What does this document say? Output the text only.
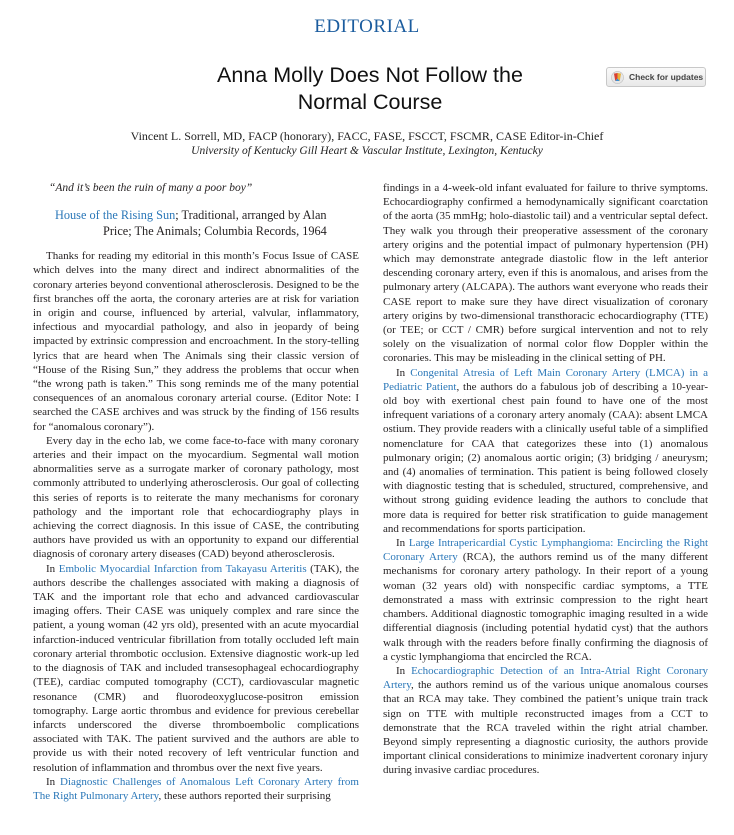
EDITORIAL
Anna Molly Does Not Follow the
Normal Course
Check for updates
Vincent L. Sorrell, MD, FACP (honorary), FACC, FASE, FSCCT, FSCMR, CASE Editor-in-Chief
University of Kentucky Gill Heart & Vascular Institute, Lexington, Kentucky
“And it’s been the ruin of many a poor boy”
House of the Rising Sun; Traditional, arranged by Alan
Price; The Animals; Columbia Records, 1964

Thanks for reading my editorial in this month’s Focus Issue of CASE which delves into the many direct and indirect abnormalities of the coronary arteries beyond conventional atherosclerosis. Designed to be the first branches off the aorta, the coronary arteries are at risk for variation in origin and course, influenced by arterial, valvular, inflammatory, infectious and myocardial pathology, and also in jeopardy of being impacted by extrinsic compression and encroachment. In the story-telling lyrics that are heard when The Animals sing their classic version of “House of the Rising Sun,” they address the problems that occur when “the wrong path is taken.” This song reminds me of the many potential consequences of an anomalous coronary arterial course. (Editor Note: I searched the CASE archives and was struck by the finding of 156 results for “anomalous coronary”).

Every day in the echo lab, we come face-to-face with many coronary arteries and their impact on the myocardium. Segmental wall motion abnormalities serve as a surrogate marker of coronary pathology, most commonly attributed to underlying atherosclerosis. Our goal of collecting this series of reports is to reiterate the many mechanisms for coronary pathology and the important role that echocardiography plays in achieving the correct diagnosis. In this issue of CASE, the contributing authors have provided us with an opportunity to expand our differential diagnosis of coronary artery diseases (CAD) beyond atherosclerosis.

In Embolic Myocardial Infarction from Takayasu Arteritis (TAK), the authors describe the challenges associated with making a diagnosis of TAK and the important role that echo and advanced cardiovascular imaging offers. Their CASE was uniquely complex and rare since the patient, a young woman (42 yrs old), presented with an acute myocardial infarction-induced ventricular fibrillation from totally occluded left main coronary arterial thrombotic occlusion. Extensive diagnostic work-up led to the diagnosis of TAK and included transesophageal echocardiography (TEE), cardiac computed tomography (CCT), cardiovascular magnetic resonance (CMR) and fluorodeoxyglucose-positron emission tomography. Large aortic thrombus and evidence for previous cerebellar infarcts underscored the diverse thromboembolic complications associated with TAK. The patient survived and the authors are able to provide us with their noted recovery of left ventricular function and resolution of inflammation and thrombus over the next five years.

In Diagnostic Challenges of Anomalous Left Coronary Artery from The Right Pulmonary Artery, these authors reported their surprising

findings in a 4-week-old infant evaluated for failure to thrive symptoms. Echocardiography confirmed a hemodynamically significant coarctation of the aorta (35 mmHg; holo-diastolic tail) and a ventricular septal defect. They walk you through their preoperative assessment of the coronary artery origins and the potential impact of pulmonary hypertension (PH) which may demonstrate antegrade diastolic flow in the left anterior descending coronary artery, even if this is anomalous, and arises from the pulmonary artery (ALCAPA). The authors want everyone who reads their CASE report to make sure they have direct visualization of coronary artery origins by two-dimensional transthoracic echocardiography (TTE) (or TEE; or CCT / CMR) before surgical intervention and not to rely solely on the visualization of normal color flow Doppler within the coronaries. This may be misleading in the clinical setting of PH.

In Congenital Atresia of Left Main Coronary Artery (LMCA) in a Pediatric Patient, the authors do a fabulous job of describing a 10-year-old boy with exertional chest pain found to have one of the most infrequent variations of a coronary artery anomaly (CAA): absent LMCA ostium. They provide readers with a clinically useful table of a simplified nomenclature for CAA that categorizes these into (1) anomalous pulmonary origin; (2) anomalous aortic origin; (3) bridging / aneurysm; and (4) anomalies of termination. This patient is being followed closely with diagnostic testing that is scheduled, structured, comprehensive, and without strong guiding evidence leading the authors to conclude that more data is required for better risk stratification to guide management and recommendations for sports participation.

In Large Intrapericardial Cystic Lymphangioma: Encircling the Right Coronary Artery (RCA), the authors remind us of the many different mechanisms for coronary artery pathology. In their report of a young woman (32 years old) with nonspecific cardiac symptoms, a TTE demonstrated a mass with extrinsic compression to the right heart chambers. Additional diagnostic tomographic imaging resulted in a wide differential diagnosis (including potential hydatid cyst) that the authors walk through with the readers before finally confirming the diagnosis of a cystic lymphangioma that encircled the RCA.

In Echocardiographic Detection of an Intra-Atrial Right Coronary Artery, the authors remind us of the various unique anomalous courses that an RCA may take. They combined the patient’s unique train track sign on TTE with multiple reconstructed images from a CCT to demonstrate that the RCA traveled within the right atrial chamber. Beyond simply representing a diagnostic curiosity, the authors provide important clinical considerations to minimize inadvertent coronary injury during invasive cardiac procedures.
